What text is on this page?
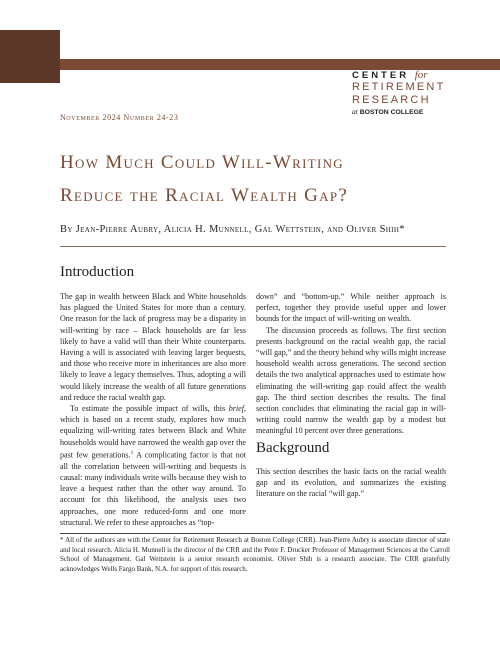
CENTER for
RETIREMENT
RESEARCH
at BOSTON COLLEGE
November 2024 Number 24-23
How Much Could Will-Writing
Reduce the Racial Wealth Gap?
By Jean-Pierre Aubry, Alicia H. Munnell, Gal Wettstein, and Oliver Shih*
Introduction

The gap in wealth between Black and White households has plagued the United States for more than a century. One reason for the lack of progress may be a disparity in will-writing by race – Black households are far less likely to have a valid will than their White counterparts. Having a will is associated with leaving larger bequests, and those who receive more in inheritances are also more likely to leave a legacy themselves. Thus, adopting a will would likely increase the wealth of all future generations and reduce the racial wealth gap.

To estimate the possible impact of wills, this brief, which is based on a recent study, explores how much equalizing will-writing rates between Black and White households would have narrowed the wealth gap over the past few generations.$^1$ A complicating factor is that not all the correlation between will-writing and bequests is causal: many individuals write wills because they wish to leave a bequest rather than the other way around. To account for this likelihood, the analysis uses two approaches, one more reduced-form and one more structural. We refer to these approaches as “top-

down” and “bottom-up.” While neither approach is perfect, together they provide useful upper and lower bounds for the impact of will-writing on wealth.

The discussion proceeds as follows. The first section presents background on the racial wealth gap, the racial “will gap,” and the theory behind why wills might increase household wealth across generations. The second section details the two analytical approaches used to estimate how eliminating the will-writing gap could affect the wealth gap. The third section describes the results. The final section concludes that eliminating the racial gap in will-writing could narrow the wealth gap by a modest but meaningful 10 percent over three generations.

Background

This section describes the basic facts on the racial wealth gap and its evolution, and summarizes the existing literature on the racial “will gap.”

* All of the authors are with the Center for Retirement Research at Boston College (CRR). Jean-Pierre Aubry is associate director of state and local research. Alicia H. Munnell is the director of the CRR and the Peter F. Drucker Professor of Management Sciences at the Carroll School of Management. Gal Wettstein is a senior research economist. Oliver Shih is a research associate. The CRR gratefully acknowledges Wells Fargo Bank, N.A. for support of this research.
